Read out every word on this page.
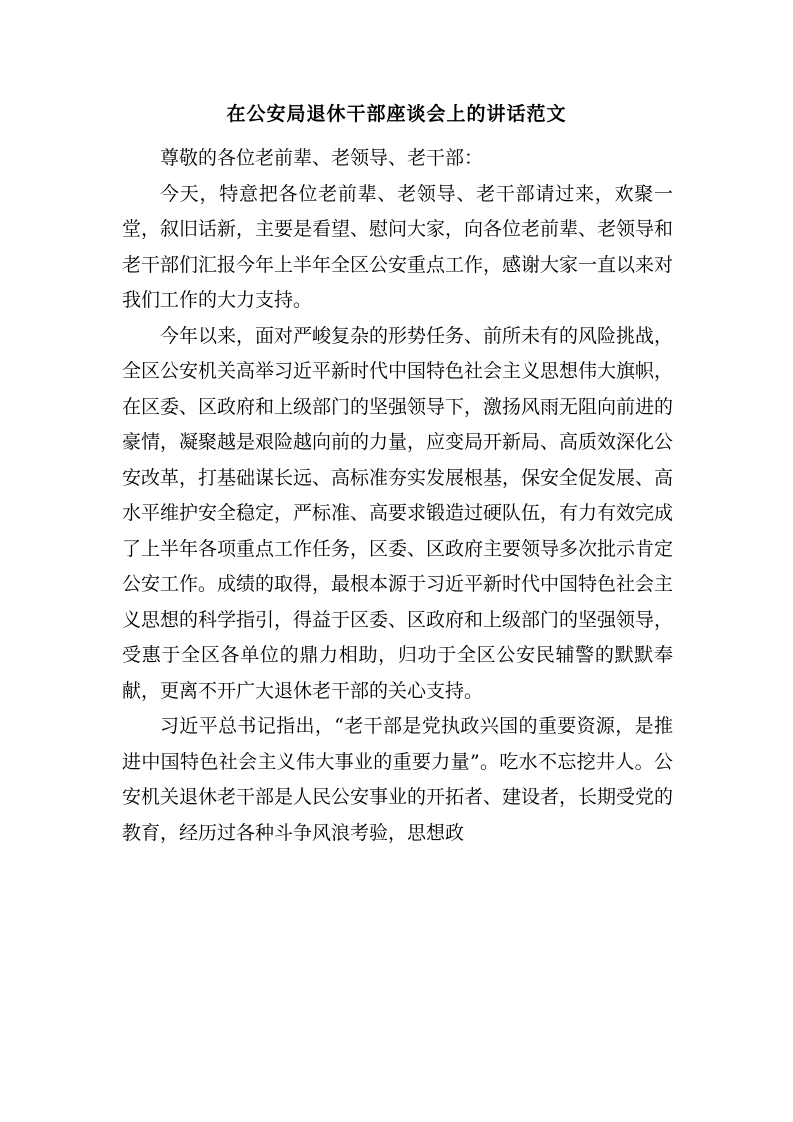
在公安局退休干部座谈会上的讲话范文

尊敬的各位老前辈、老领导、老干部：

今天，特意把各位老前辈、老领导、老干部请过来，欢聚一堂，叙旧话新，主要是看望、慰问大家，向各位老前辈、老领导和老干部们汇报今年上半年全区公安重点工作，感谢大家一直以来对我们工作的大力支持。

今年以来，面对严峻复杂的形势任务、前所未有的风险挑战，全区公安机关高举习近平新时代中国特色社会主义思想伟大旗帜，在区委、区政府和上级部门的坚强领导下，激扬风雨无阻向前进的豪情，凝聚越是艰险越向前的力量，应变局开新局、高质效深化公安改革，打基础谋长远、高标准夯实发展根基，保安全促发展、高水平维护安全稳定，严标准、高要求锻造过硬队伍，有力有效完成了上半年各项重点工作任务，区委、区政府主要领导多次批示肯定公安工作。成绩的取得，最根本源于习近平新时代中国特色社会主义思想的科学指引，得益于区委、区政府和上级部门的坚强领导，受惠于全区各单位的鼎力相助，归功于全区公安民辅警的默默奉献，更离不开广大退休老干部的关心支持。

习近平总书记指出，“老干部是党执政兴国的重要资源，是推进中国特色社会主义伟大事业的重要力量”。吃水不忘挖井人。公安机关退休老干部是人民公安事业的开拓者、建设者，长期受党的教育，经历过各种斗争风浪考验，思想政
